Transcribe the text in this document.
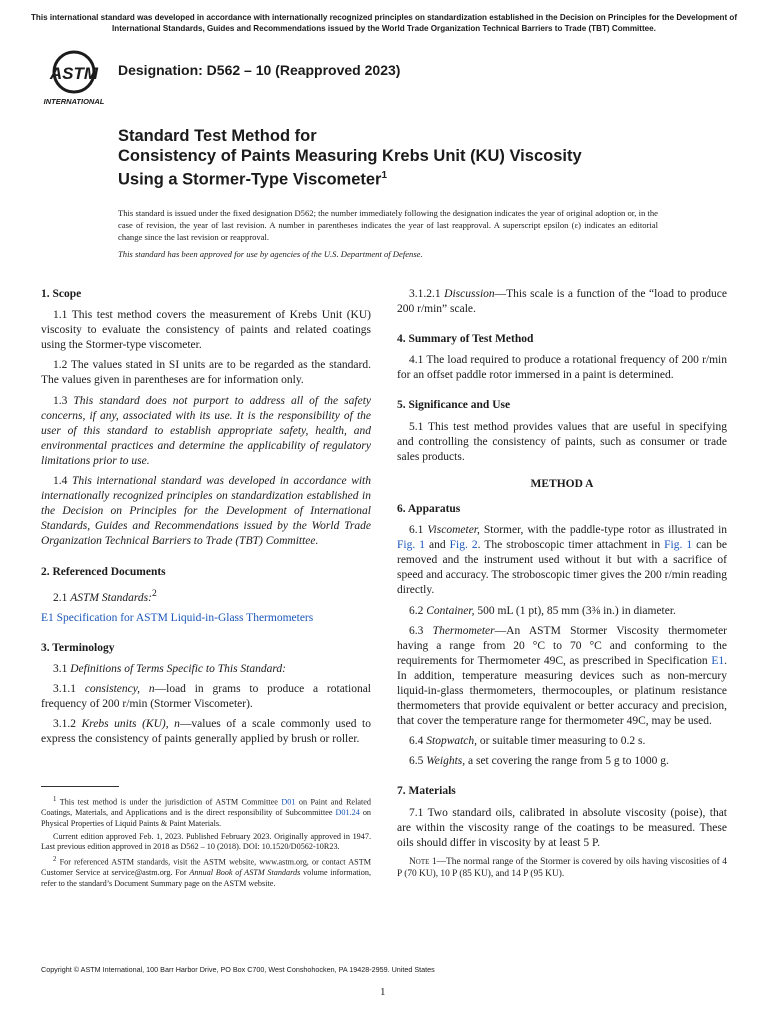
This international standard was developed in accordance with internationally recognized principles on standardization established in the Decision on Principles for the Development of International Standards, Guides and Recommendations issued by the World Trade Organization Technical Barriers to Trade (TBT) Committee.
ASTM
INTERNATIONAL
Designation: D562 – 10 (Reapproved 2023)
Standard Test Method for
Consistency of Paints Measuring Krebs Unit (KU) Viscosity
Using a Stormer-Type Viscometer$^1$
This standard is issued under the fixed designation D562; the number immediately following the designation indicates the year of original adoption or, in the case of revision, the year of last revision. A number in parentheses indicates the year of last reapproval. A superscript epsilon (ε) indicates an editorial change since the last revision or reapproval.
This standard has been approved for use by agencies of the U.S. Department of Defense.
1. Scope

1.1 This test method covers the measurement of Krebs Unit (KU) viscosity to evaluate the consistency of paints and related coatings using the Stormer-type viscometer.

1.2 The values stated in SI units are to be regarded as the standard. The values given in parentheses are for information only.

1.3 This standard does not purport to address all of the safety concerns, if any, associated with its use. It is the responsibility of the user of this standard to establish appropriate safety, health, and environmental practices and determine the applicability of regulatory limitations prior to use.

1.4 This international standard was developed in accordance with internationally recognized principles on standardization established in the Decision on Principles for the Development of International Standards, Guides and Recommendations issued by the World Trade Organization Technical Barriers to Trade (TBT) Committee.

2. Referenced Documents

2.1 ASTM Standards:$^2$

E1 Specification for ASTM Liquid-in-Glass Thermometers

3. Terminology

3.1 Definitions of Terms Specific to This Standard:

3.1.1 consistency, n—load in grams to produce a rotational frequency of 200 r/min (Stormer Viscometer).

3.1.2 Krebs units (KU), n—values of a scale commonly used to express the consistency of paints generally applied by brush or roller.

$^1$ This test method is under the jurisdiction of ASTM Committee D01 on Paint and Related Coatings, Materials, and Applications and is the direct responsibility of Subcommittee D01.24 on Physical Properties of Liquid Paints & Paint Materials.

Current edition approved Feb. 1, 2023. Published February 2023. Originally approved in 1947. Last previous edition approved in 2018 as D562 – 10 (2018). DOI: 10.1520/D0562-10R23.

$^2$ For referenced ASTM standards, visit the ASTM website, www.astm.org, or contact ASTM Customer Service at service@astm.org. For Annual Book of ASTM Standards volume information, refer to the standard’s Document Summary page on the ASTM website.

3.1.2.1 Discussion—This scale is a function of the “load to produce 200 r/min” scale.

4. Summary of Test Method

4.1 The load required to produce a rotational frequency of 200 r/min for an offset paddle rotor immersed in a paint is determined.

5. Significance and Use

5.1 This test method provides values that are useful in specifying and controlling the consistency of paints, such as consumer or trade sales products.

METHOD A
6. Apparatus

6.1 Viscometer, Stormer, with the paddle-type rotor as illustrated in Fig. 1 and Fig. 2. The stroboscopic timer attachment in Fig. 1 can be removed and the instrument used without it but with a sacrifice of speed and accuracy. The stroboscopic timer gives the 200 r/min reading directly.

6.2 Container, 500 mL (1 pt), 85 mm (3⅜ in.) in diameter.

6.3 Thermometer—An ASTM Stormer Viscosity thermometer having a range from 20 °C to 70 °C and conforming to the requirements for Thermometer 49C, as prescribed in Specification E1. In addition, temperature measuring devices such as non-mercury liquid-in-glass thermometers, thermocouples, or platinum resistance thermometers that provide equivalent or better accuracy and precision, that cover the temperature range for thermometer 49C, may be used.

6.4 Stopwatch, or suitable timer measuring to 0.2 s.

6.5 Weights, a set covering the range from 5 g to 1000 g.

7. Materials

7.1 Two standard oils, calibrated in absolute viscosity (poise), that are within the viscosity range of the coatings to be measured. These oils should differ in viscosity by at least 5 P.

Note 1—The normal range of the Stormer is covered by oils having viscosities of 4 P (70 KU), 10 P (85 KU), and 14 P (95 KU).

Copyright © ASTM International, 100 Barr Harbor Drive, PO Box C700, West Conshohocken, PA 19428-2959. United States
1
